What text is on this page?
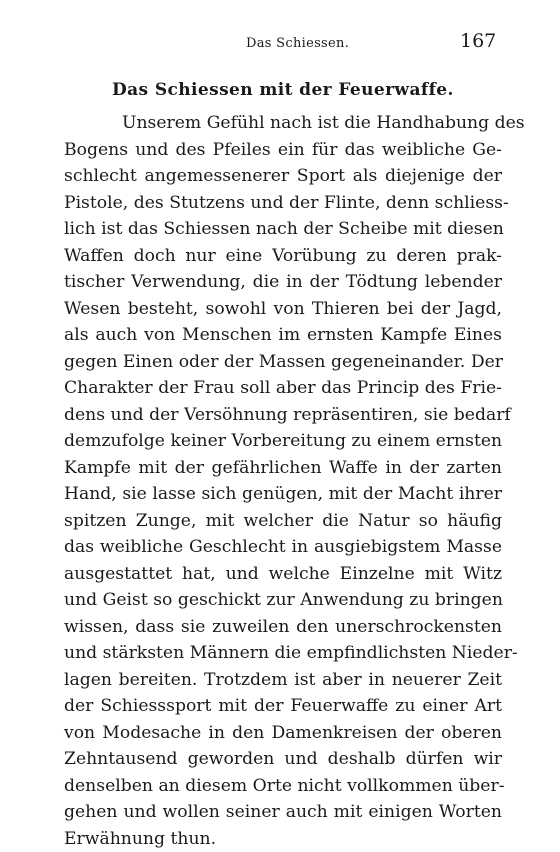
Das Schiessen.	167
Das Schiessen mit der Feuerwaffe.
Unserem Gefühl nach ist die Handhabung des
Bogens und des Pfeiles ein für das weibliche Ge-
schlecht angemessenerer Sport als diejenige der
Pistole, des Stutzens und der Flinte, denn schliess-
lich ist das Schiessen nach der Scheibe mit diesen
Waffen doch nur eine Vorübung zu deren prak-
tischer Verwendung, die in der Tödtung lebender
Wesen besteht, sowohl von Thieren bei der Jagd,
als auch von Menschen im ernsten Kampfe Eines
gegen Einen oder der Massen gegeneinander. Der
Charakter der Frau soll aber das Princip des Frie-
dens und der Versöhnung repräsentiren, sie bedarf
demzufolge keiner Vorbereitung zu einem ernsten
Kampfe mit der gefährlichen Waffe in der zarten
Hand, sie lasse sich genügen, mit der Macht ihrer
spitzen Zunge, mit welcher die Natur so häufig
das weibliche Geschlecht in ausgiebigstem Masse
ausgestattet hat, und welche Einzelne mit Witz
und Geist so geschickt zur Anwendung zu bringen
wissen, dass sie zuweilen den unerschrockensten
und stärksten Männern die empfindlichsten Nieder-
lagen bereiten. Trotzdem ist aber in neuerer Zeit
der Schiesssport mit der Feuerwaffe zu einer Art
von Modesache in den Damenkreisen der oberen
Zehntausend geworden und deshalb dürfen wir
denselben an diesem Orte nicht vollkommen über-
gehen und wollen seiner auch mit einigen Worten
Erwähnung thun.
